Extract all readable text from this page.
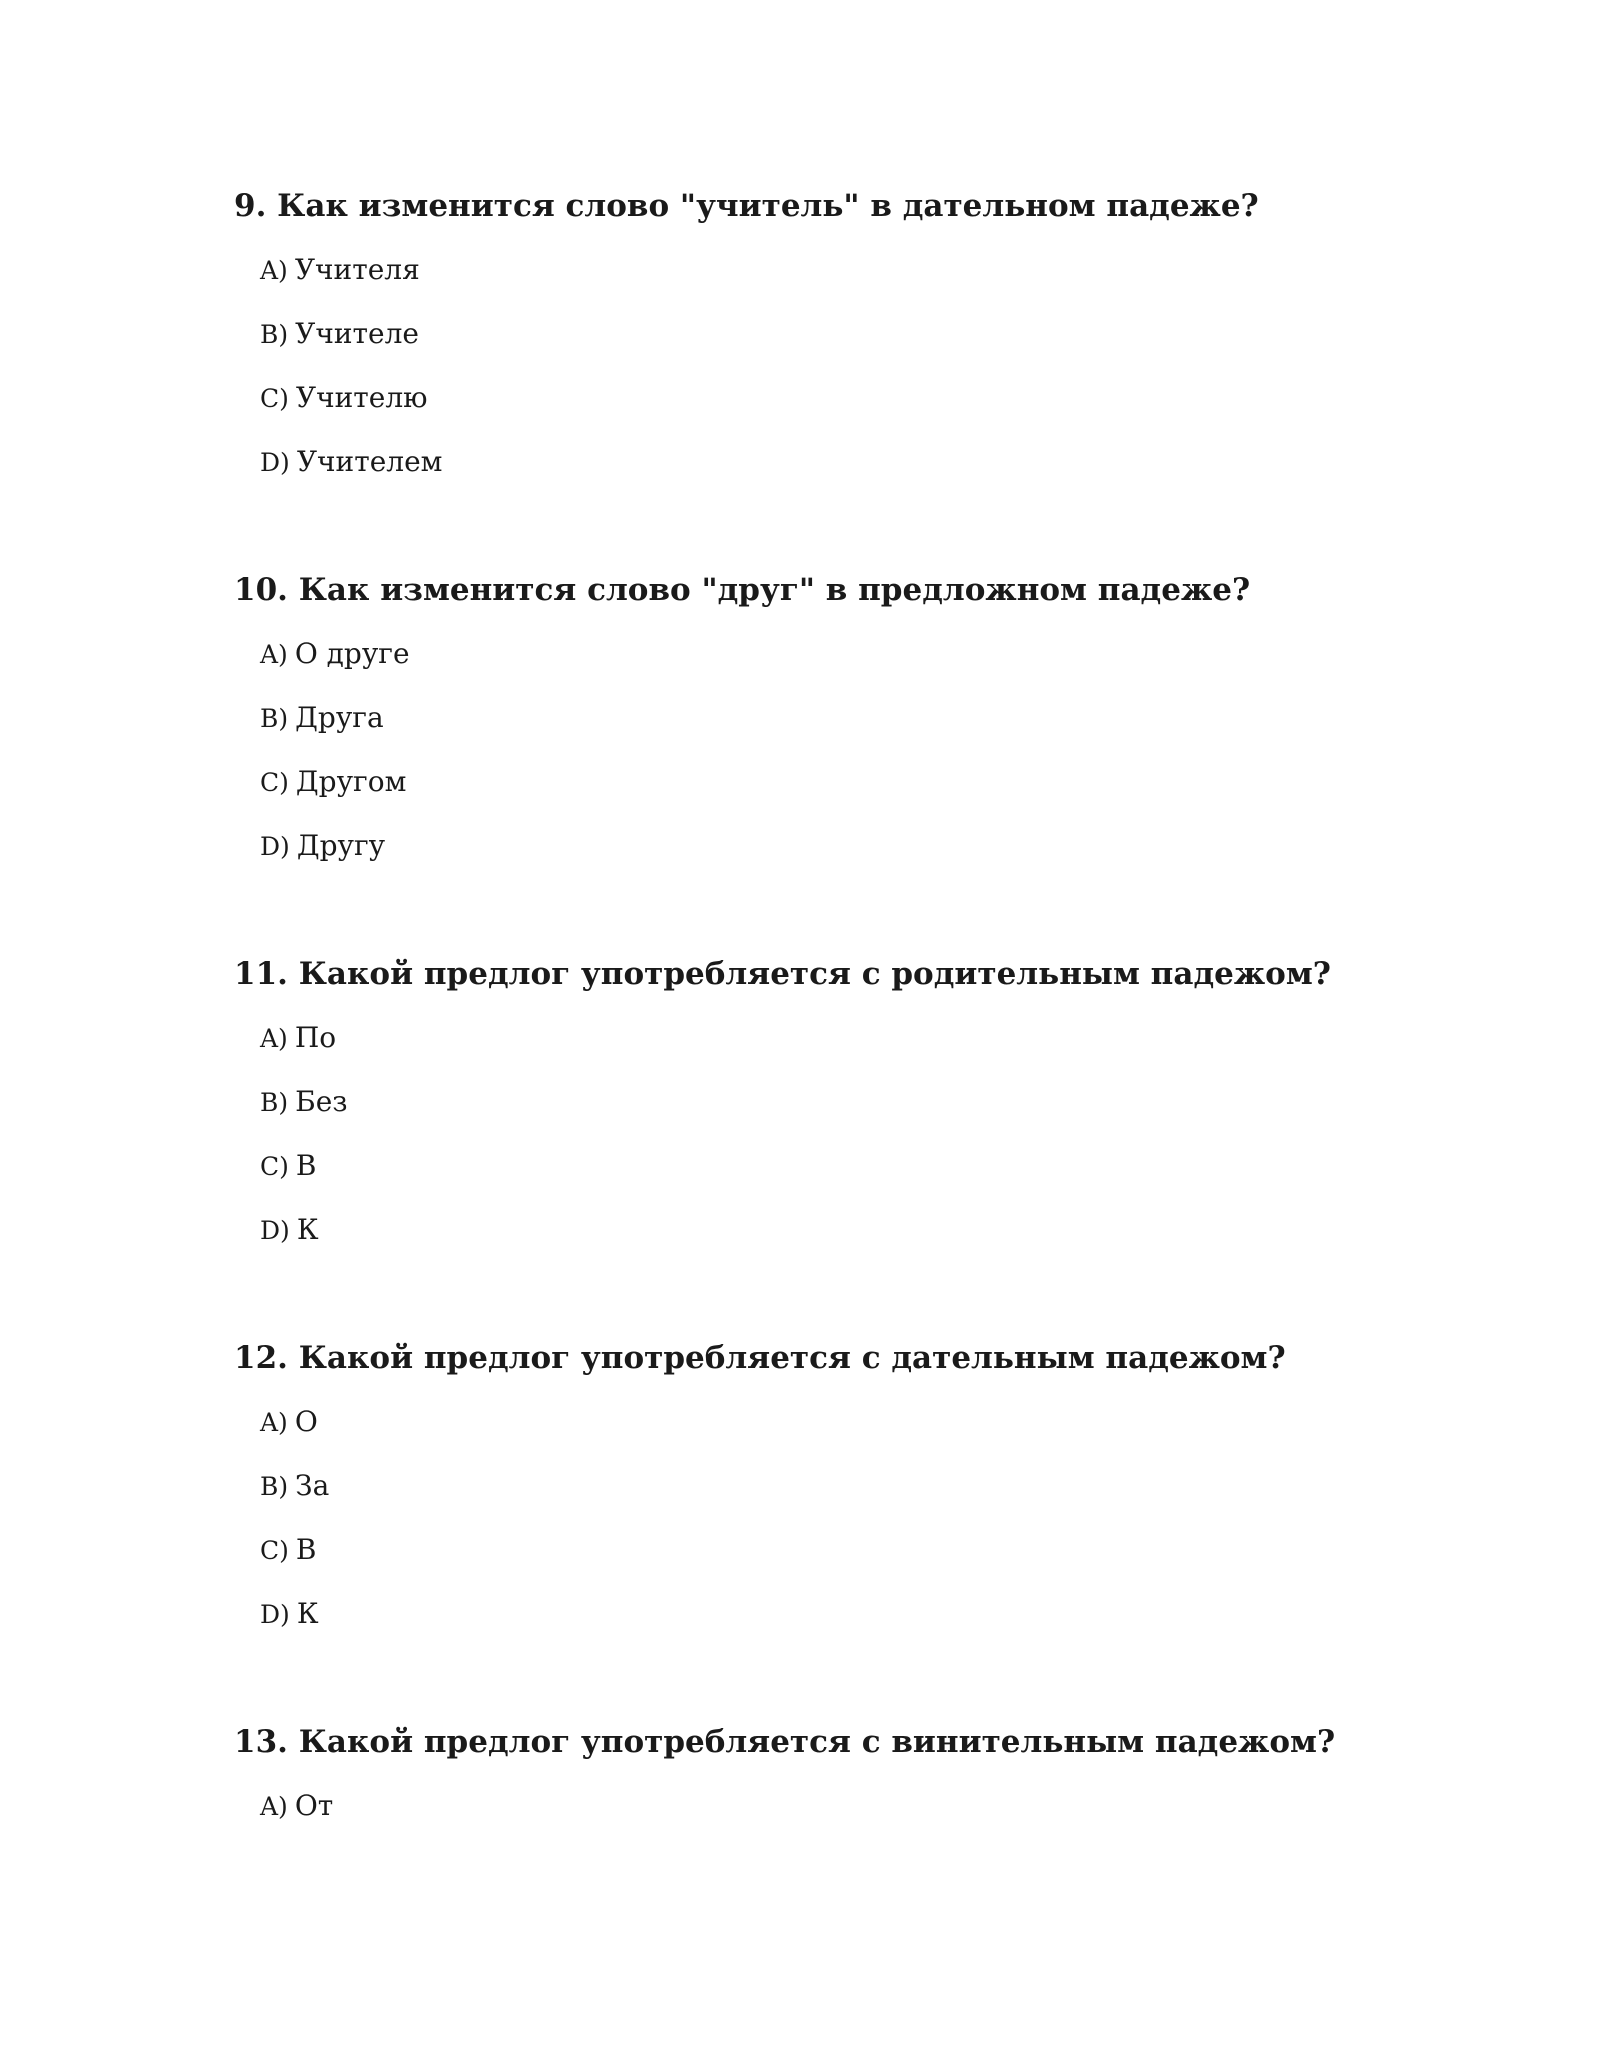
9. Как изменится слово "учитель" в дательном падеже?
A) Учителя
B) Учителе
C) Учителю
D) Учителем
10. Как изменится слово "друг" в предложном падеже?
A) О друге
B) Друга
C) Другом
D) Другу
11. Какой предлог употребляется с родительным падежом?
A) По
B) Без
C) В
D) К
12. Какой предлог употребляется с дательным падежом?
A) О
B) За
C) В
D) К
13. Какой предлог употребляется с винительным падежом?
A) От
